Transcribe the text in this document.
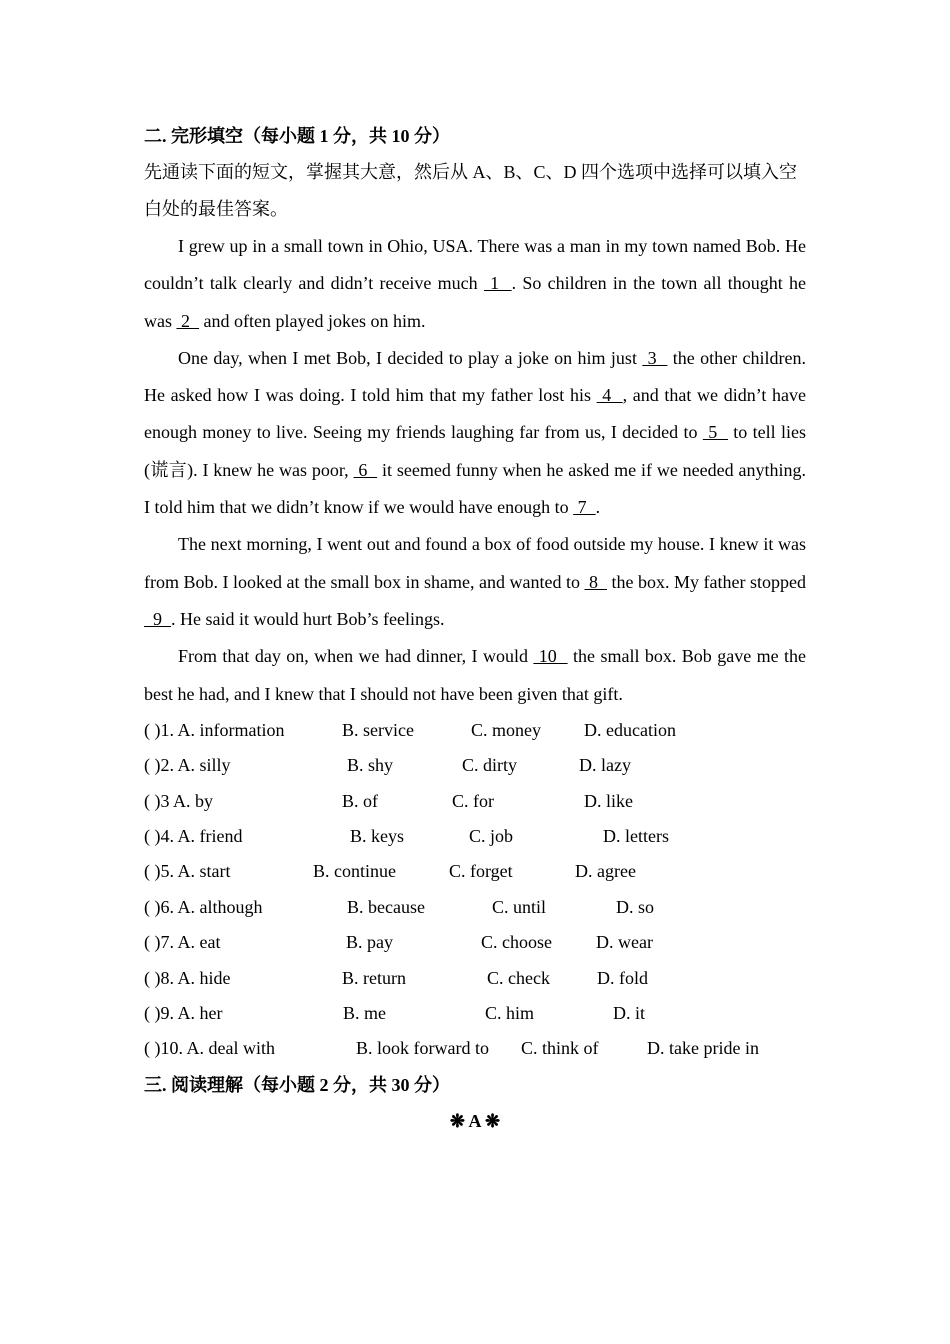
二. 完形填空（每小题 1 分，共 10 分）
先通读下面的短文，掌握其大意，然后从 A、B、C、D 四个选项中选择可以填入空白处的最佳答案。
I grew up in a small town in Ohio, USA. There was a man in my town named Bob. He couldn’t talk clearly and didn’t receive much  1  . So children in the town all thought he was  2   and often played jokes on him.
One day, when I met Bob, I decided to play a joke on him just  3   the other children. He asked how I was doing. I told him that my father lost his  4  , and that we didn’t have enough money to live. Seeing my friends laughing far from us, I decided to  5   to tell lies (谎言). I knew he was poor,  6   it seemed funny when he asked me if we needed anything. I told him that we didn’t know if we would have enough to  7  .
The next morning, I went out and found a box of food outside my house. I knew it was from Bob. I looked at the small box in shame, and wanted to  8   the box. My father stopped   9  . He said it would hurt Bob’s feelings.
From that day on, when we had dinner, I would  10   the small box. Bob gave me the best he had, and I knew that I should not have been given that gift.
( )1. A. information	B. service	C. money D. education
( )2. A. silly	B. shy	C. dirty	D. lazy
( )3 A. by	B. of	C. for	D. like
( )4. A. friend	B. keys	C. job	D. letters
( )5. A. start	B. continue	C. forget	D. agree
( )6. A. although	B. because	C. until	D. so
( )7. A. eat	B. pay	C. choose D. wear
( )8. A. hide	B. return	C. check	D. fold
( )9. A. her	B. me	C. him	D. it
( )10. A. deal with	B. look forward to C. think of	D. take pride in
三. 阅读理解（每小题 2 分，共 30 分）
❋ A ❋
